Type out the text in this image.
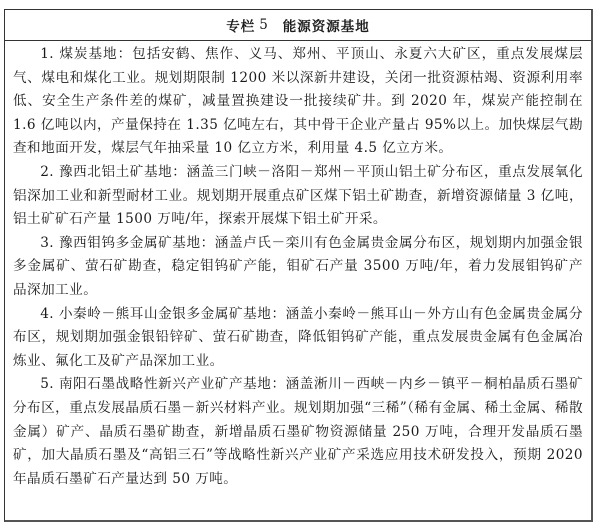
专栏 5 能源资源基地

1. 煤炭基地：包括安鹤、焦作、义马、郑州、平顶山、永夏六大矿区，重点发展煤层气、煤电和煤化工业。规划期限制 1200 米以深新井建设，关闭一批资源枯竭、资源利用率低、安全生产条件差的煤矿，减量置换建设一批接续矿井。到 2020 年，煤炭产能控制在 1.6 亿吨以内，产量保持在 1.35 亿吨左右，其中骨干企业产量占 95%以上。加快煤层气勘查和地面开发，煤层气年抽采量 10 亿立方米，利用量 4.5 亿立方米。

2. 豫西北铝土矿基地：涵盖三门峡－洛阳－郑州－平顶山铝土矿分布区，重点发展氧化铝深加工业和新型耐材工业。规划期开展重点矿区煤下铝土矿勘查，新增资源储量 3 亿吨，铝土矿矿石产量 1500 万吨/年，探索开展煤下铝土矿开采。

3. 豫西钼钨多金属矿基地：涵盖卢氏－栾川有色金属贵金属分布区，规划期内加强金银多金属矿、萤石矿勘查，稳定钼钨矿产能，钼矿石产量 3500 万吨/年，着力发展钼钨矿产品深加工业。

4. 小秦岭－熊耳山金银多金属矿基地：涵盖小秦岭－熊耳山－外方山有色金属贵金属分布区，规划期加强金银铅锌矿、萤石矿勘查，降低钼钨矿产能，重点发展贵金属有色金属冶炼业、氟化工及矿产品深加工业。

5. 南阳石墨战略性新兴产业矿产基地：涵盖淅川－西峡－内乡－镇平－桐柏晶质石墨矿分布区，重点发展晶质石墨－新兴材料产业。规划期加强“三稀”（稀有金属、稀土金属、稀散金属）矿产、晶质石墨矿勘查，新增晶质石墨矿物资源储量 250 万吨，合理开发晶质石墨矿，加大晶质石墨及“高铝三石”等战略性新兴产业矿产采选应用技术研发投入，预期 2020 年晶质石墨矿石产量达到 50 万吨。
